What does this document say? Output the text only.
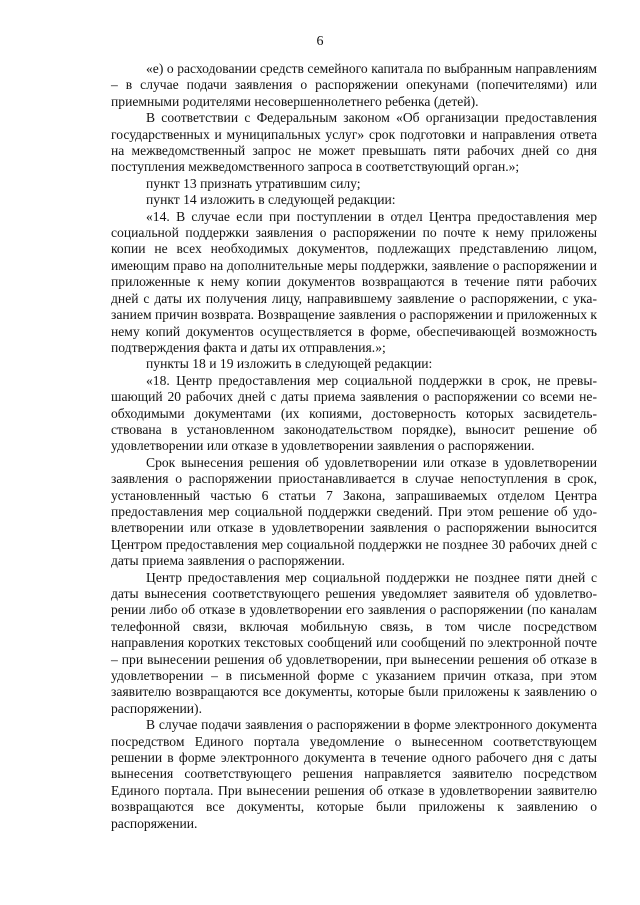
6

«е) о расходовании средств семейного капитала по выбранным направлениям – в случае подачи заявления о распоряжении опекунами (попечителями) или приемными родителями несовершеннолетнего ребенка (детей).

В соответствии с Федеральным законом «Об организации предоставления государственных и муниципальных услуг» срок подготовки и направления ответа на межведомственный запрос не может превышать пяти рабочих дней со дня поступления межведомственного запроса в соответствующий орган.»;

пункт 13 признать утратившим силу;

пункт 14 изложить в следующей редакции:

«14. В случае если при поступлении в отдел Центра предоставления мер социальной поддержки заявления о распоряжении по почте к нему приложены копии не всех необходимых документов, подлежащих представлению лицом, имеющим право на дополнительные меры поддержки, заявление о распоряжении и приложенные к нему копии документов возвращаются в течение пяти рабочих дней с даты их получения лицу, направившему заявление о распоряжении, с указанием причин возврата. Возвращение заявления о распоряжении и приложенных к нему копий документов осуществляется в форме, обеспечивающей возможность подтверждения факта и даты их отправления.»;

пункты 18 и 19 изложить в следующей редакции:

«18. Центр предоставления мер социальной поддержки в срок, не превышающий 20 рабочих дней с даты приема заявления о распоряжении со всеми необходимыми документами (их копиями, достоверность которых засвидетельствована в установленном законодательством порядке), выносит решение об удовлетворении или отказе в удовлетворении заявления о распоряжении.

Срок вынесения решения об удовлетворении или отказе в удовлетворении заявления о распоряжении приостанавливается в случае непоступления в срок, установленный частью 6 статьи 7 Закона, запрашиваемых отделом Центра предоставления мер социальной поддержки сведений. При этом решение об удовлетворении или отказе в удовлетворении заявления о распоряжении выносится Центром предоставления мер социальной поддержки не позднее 30 рабочих дней с даты приема заявления о распоряжении.

Центр предоставления мер социальной поддержки не позднее пяти дней с даты вынесения соответствующего решения уведомляет заявителя об удовлетворении либо об отказе в удовлетворении его заявления о распоряжении (по каналам телефонной связи, включая мобильную связь, в том числе посредством направления коротких текстовых сообщений или сообщений по электронной почте – при вынесении решения об удовлетворении, при вынесении решения об отказе в удовлетворении – в письменной форме с указанием причин отказа, при этом заявителю возвращаются все документы, которые были приложены к заявлению о распоряжении).

В случае подачи заявления о распоряжении в форме электронного документа посредством Единого портала уведомление о вынесенном соответствующем решении в форме электронного документа в течение одного рабочего дня с даты вынесения соответствующего решения направляется заявителю посредством Единого портала. При вынесении решения об отказе в удовлетворении заявителю возвращаются все документы, которые были приложены к заявлению о распоряжении.
